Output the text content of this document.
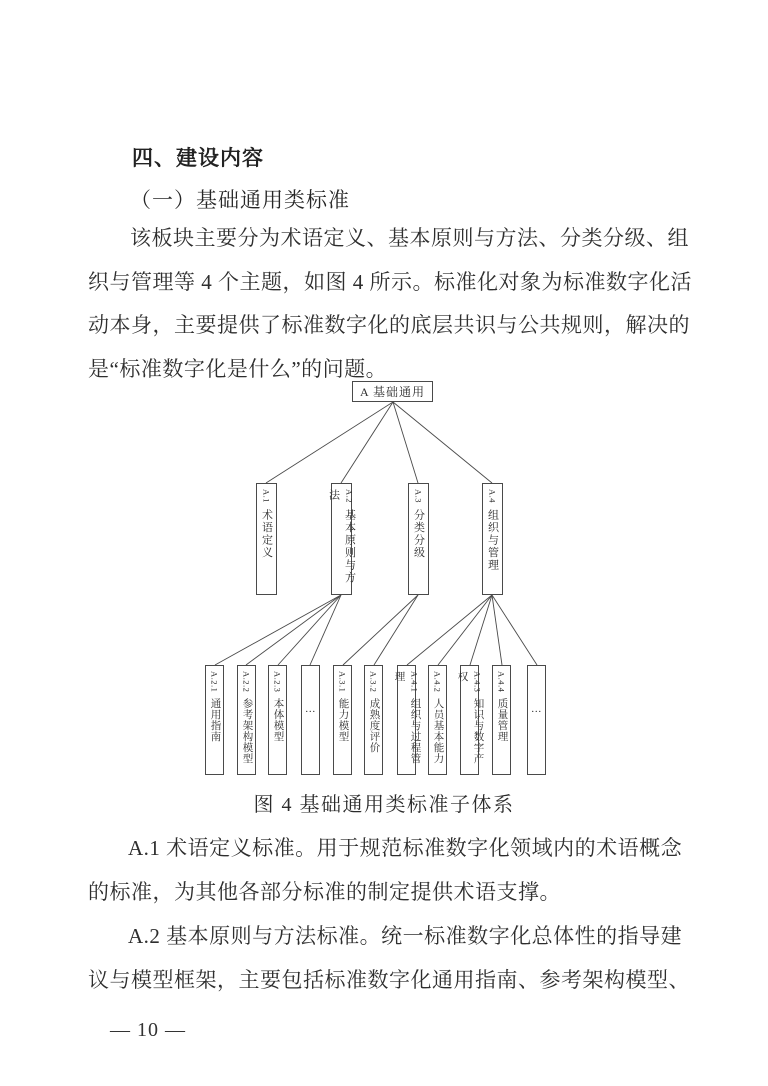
四、建设内容
（一）基础通用类标准
该板块主要分为术语定义、基本原则与方法、分类分级、组
织与管理等 4 个主题，如图 4 所示。标准化对象为标准数字化活
动本身，主要提供了标准数字化的底层共识与公共规则，解决的
是“标准数字化是什么”的问题。
A 基础通用
A.1术语定义
A.2基本原则与方法	A.3分类分级
A.4组织与管理
A.2.1通用指南
A.2.2参考架构模型
A.2.3本体模型 …
A.3.1能力模型
A.3.2成熟度评价
A.4.1组织与过程管理	A.4.2人员基本能力
A.4.3知识与数字产权	A.4.4质量管理 …
图 4 基础通用类标准子体系
A.1 术语定义标准。用于规范标准数字化领域内的术语概念
的标准，为其他各部分标准的制定提供术语支撑。
A.2 基本原则与方法标准。统一标准数字化总体性的指导建
议与模型框架，主要包括标准数字化通用指南、参考架构模型、
— 10 —
